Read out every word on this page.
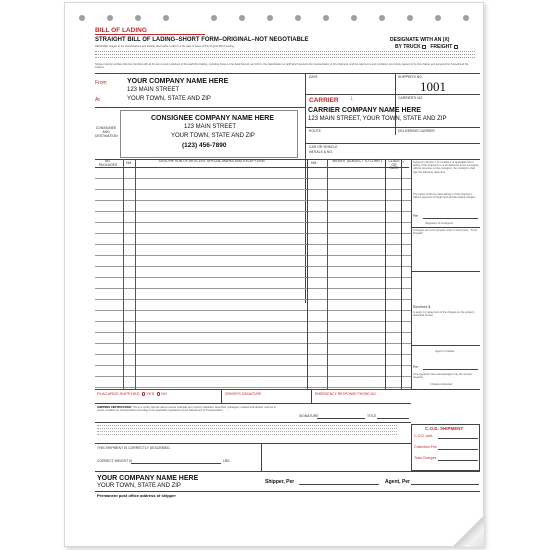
BILL OF LADING
STRAIGHT BILL OF LADING–SHORT FORM–ORIGINAL–NOT NEGOTIABLE	DESIGNATE WITH AN (X)
BY TRUCK FREIGHT
RECEIVED subject to the classifications and lawfully filed tariffs in effect on the date of issue of this Original Bill of Lading.
Shipper hereby certifies that he is familiar with all the terms and conditions of the said bill of lading, including those on the back thereof, set forth in the classification or tariff which governs the transportation of this shipment, and the said terms and conditions are hereby agreed to by the shipper and accepted for himself and his assigns.
From
At
YOUR COMPANY NAME HERE
123 MAIN STREET
YOUR TOWN, STATE AND ZIP
CONSIGNEE
AND
DESTINATION
CONSIGNEE COMPANY NAME HERE
123 MAIN STREET
YOUR TOWN, STATE AND ZIP
(123) 456-7890
DATE	SHIPPER'S NO.
1001
CARRIER ↓	CARRIER'S NO.
CARRIER COMPANY NAME HERE
123 MAIN STREET, YOUR TOWN, STATE AND ZIP
ROUTE	DELIVERING CARRIER
CAR OR VEHICLE
INITIALS & NO.
NO. PACKAGES	HM	DESCRIPTION OF ARTICLES, SPECIAL MARKS AND EXCEPTIONS	HM	WEIGHT (SUBJECT TO CORR.)	CLASS OR RATE
✓	Subject to Section 7 of conditions of applicable bill of lading, if this shipment is to be delivered to the consignee without recourse on the consignor, the consignor shall sign the following statement:
The carrier shall not make delivery of this shipment without payment of freight and all other lawful charges.
Per
(Signature of Consignor)
If charges are to be prepaid, write or stamp here, "To be Prepaid."
Received $
to apply in prepayment of the charges on the property described hereon.
Agent or Cashier
Per
(The signature here acknowledges only the amount prepaid.)
Charges Advanced:
PLACARDS SUPPLIED YES NO	DRIVER'S SIGNATURE	EMERGENCY RESPONSE PHONE NO.
SHIPPERS CERTIFICATION: This is to certify that the above-named materials are properly classified, described, packaged, marked and labeled, and are in proper condition for transportation according to the applicable regulations of the Department of Transportation.
SIGNATURE	TITLE
THIS SHIPMENT IS CORRECTLY DESCRIBED.
CORRECT WEIGHT IS	LBS.
C.O.D. SHIPMENT
C.O.D. Amt.
Collection Fee
Total Charges
YOUR COMPANY NAME HERE
YOUR TOWN, STATE AND ZIP
Shipper, Per	Agent, Per
Permanent post office address of shipper
